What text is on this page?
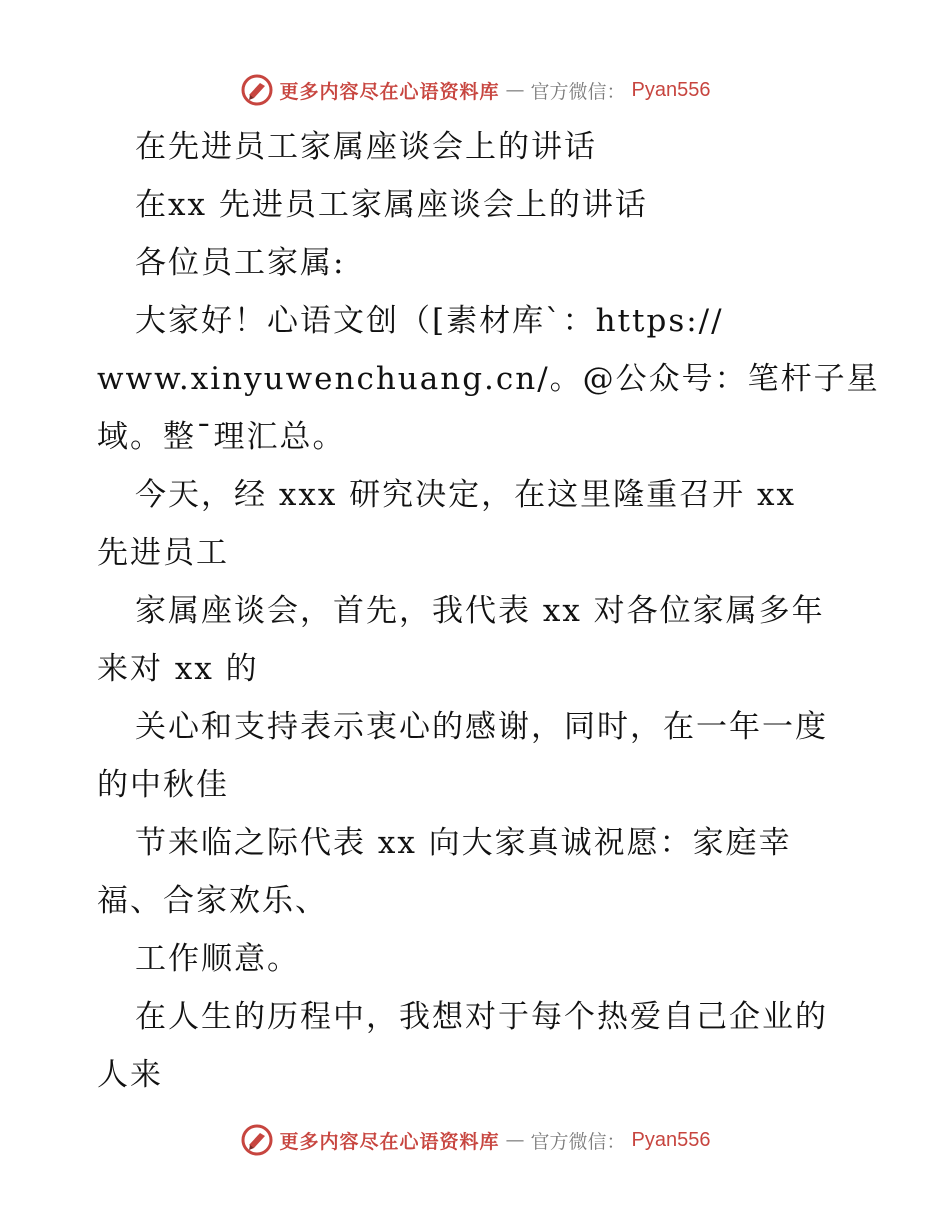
更多内容尽在心语资料库 — 官方微信： Pyan556
在先进员工家属座谈会上的讲话
在xx 先进员工家属座谈会上的讲话
各位员工家属:
大家好！心语文创（[素材库`：https://
www.xinyuwenchuang.cn/。@公众号：笔杆子星
域。整¯理汇总。
今天，经 xxx 研究决定，在这里隆重召开 xx
先进员工
家属座谈会，首先，我代表 xx 对各位家属多年
来对 xx 的
关心和支持表示衷心的感谢，同时，在一年一度
的中秋佳
节来临之际代表 xx 向大家真诚祝愿：家庭幸
福、合家欢乐、
工作顺意。
在人生的历程中，我想对于每个热爱自己企业的
人来
更多内容尽在心语资料库 — 官方微信： Pyan556
